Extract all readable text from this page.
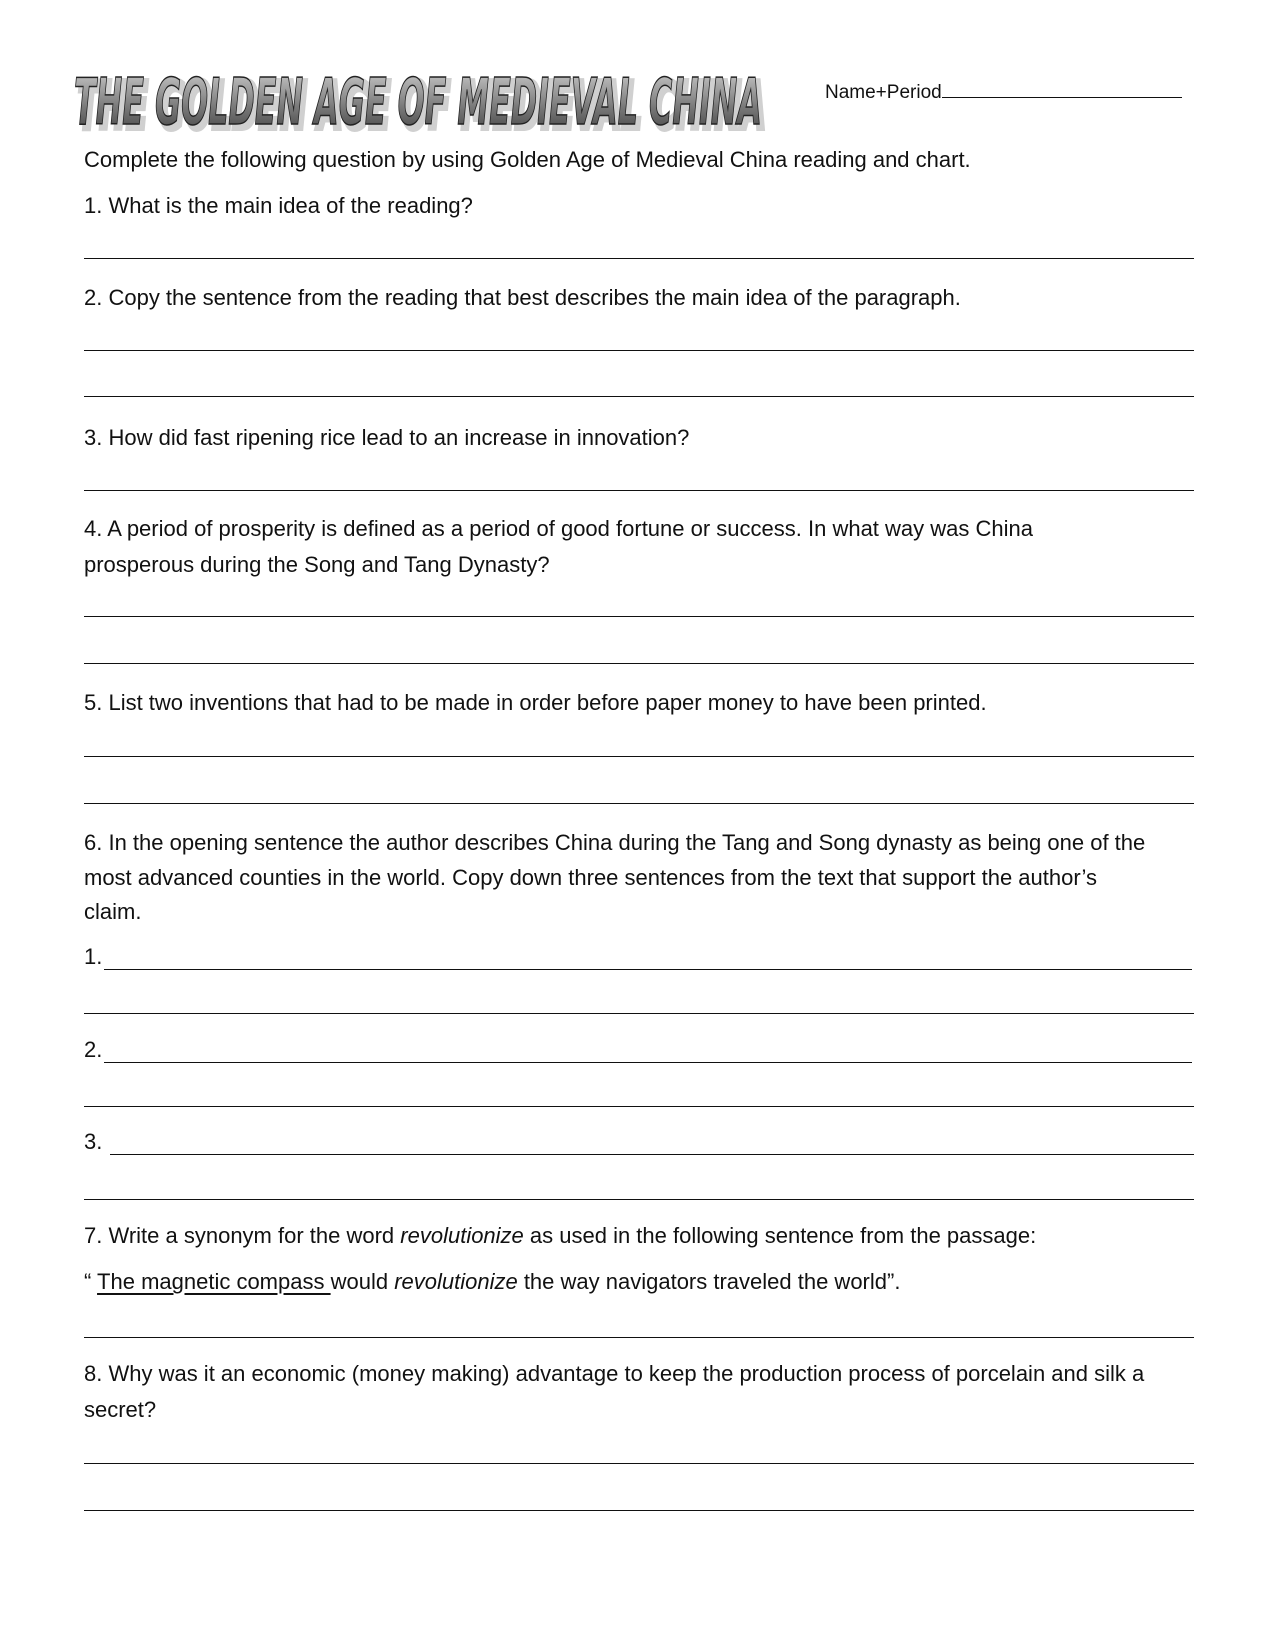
THE GOLDEN AGE OF MEDIEVAL CHINA
THE GOLDEN AGE OF MEDIEVAL CHINA	Name+Period
Complete the following question by using Golden Age of Medieval China reading and chart.
1. What is the main idea of the reading?
2. Copy the sentence from the reading that best describes the main idea of the paragraph.
3. How did fast ripening rice lead to an increase in innovation?
4. A period of prosperity is defined as a period of good fortune or success. In what way was China
prosperous during the Song and Tang Dynasty?
5. List two inventions that had to be made in order before paper money to have been printed.
6. In the opening sentence the author describes China during the Tang and Song dynasty as being one of the
most advanced counties in the world. Copy down three sentences from the text that support the author’s
claim.
1.
2.
3.
7. Write a synonym for the word revolutionize as used in the following sentence from the passage:
“ The magnetic compass would revolutionize the way navigators traveled the world”.
8. Why was it an economic (money making) advantage to keep the production process of porcelain and silk a
secret?
